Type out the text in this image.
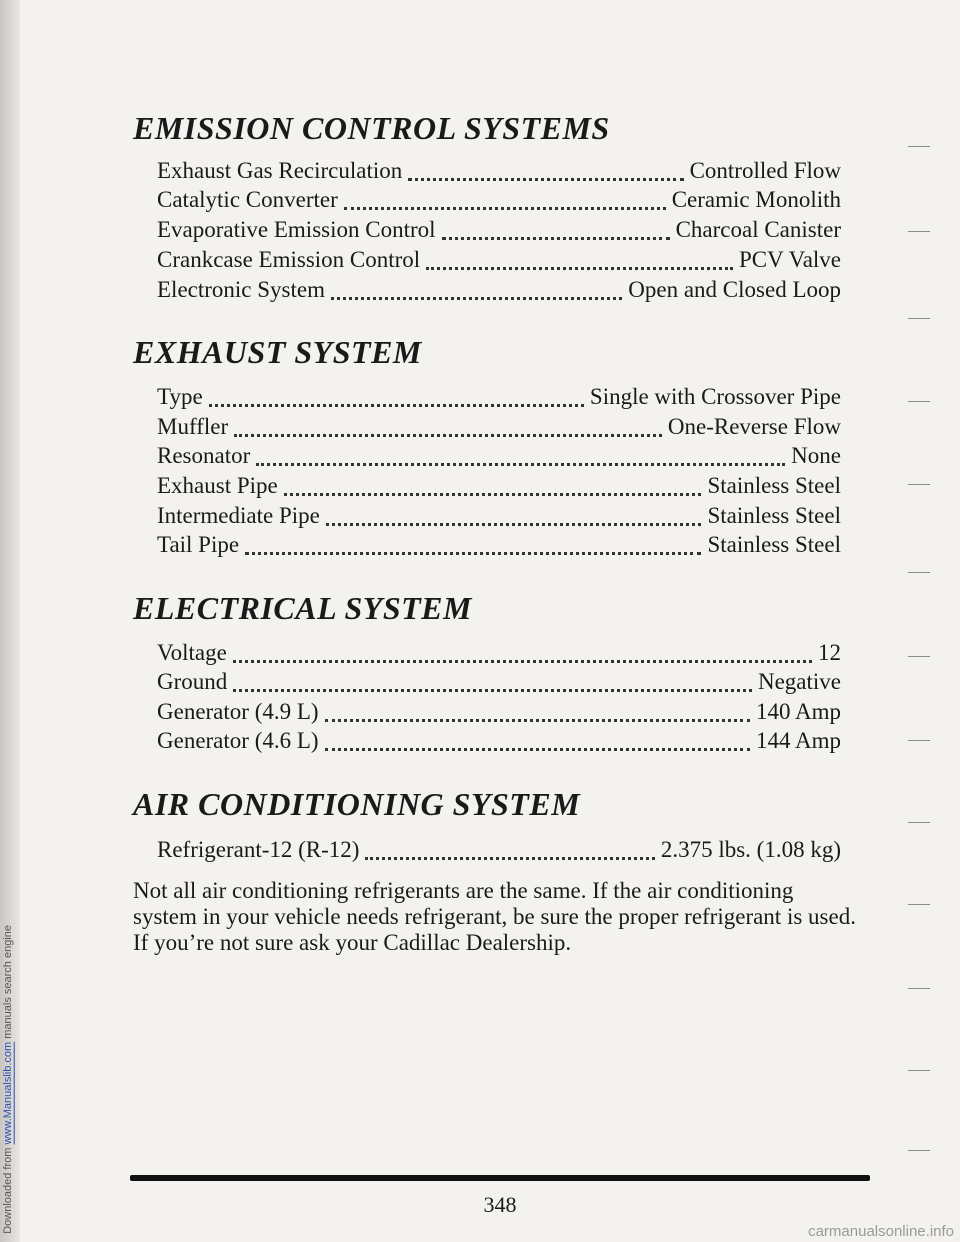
Downloaded from www.Manualslib.com manuals search engine
EMISSION CONTROL SYSTEMS
Exhaust Gas Recirculation	Controlled Flow
Catalytic Converter	Ceramic Monolith
Evaporative Emission Control	Charcoal Canister
Crankcase Emission Control	PCV Valve
Electronic System	Open and Closed Loop
EXHAUST SYSTEM
Type	Single with Crossover Pipe
Muffler	One-Reverse Flow
Resonator	None
Exhaust Pipe	Stainless Steel
Intermediate Pipe	Stainless Steel
Tail Pipe	Stainless Steel
ELECTRICAL SYSTEM
Voltage	12
Ground	Negative
Generator (4.9 L)	140 Amp
Generator (4.6 L)	144 Amp
AIR CONDITIONING SYSTEM
Refrigerant-12 (R-12)	2.375 lbs. (1.08 kg)

Not all air conditioning refrigerants are the same. If the air conditioning system in your vehicle needs refrigerant, be sure the proper refrigerant is used. If you’re not sure ask your Cadillac Dealership.

348
carmanualsonline.info
